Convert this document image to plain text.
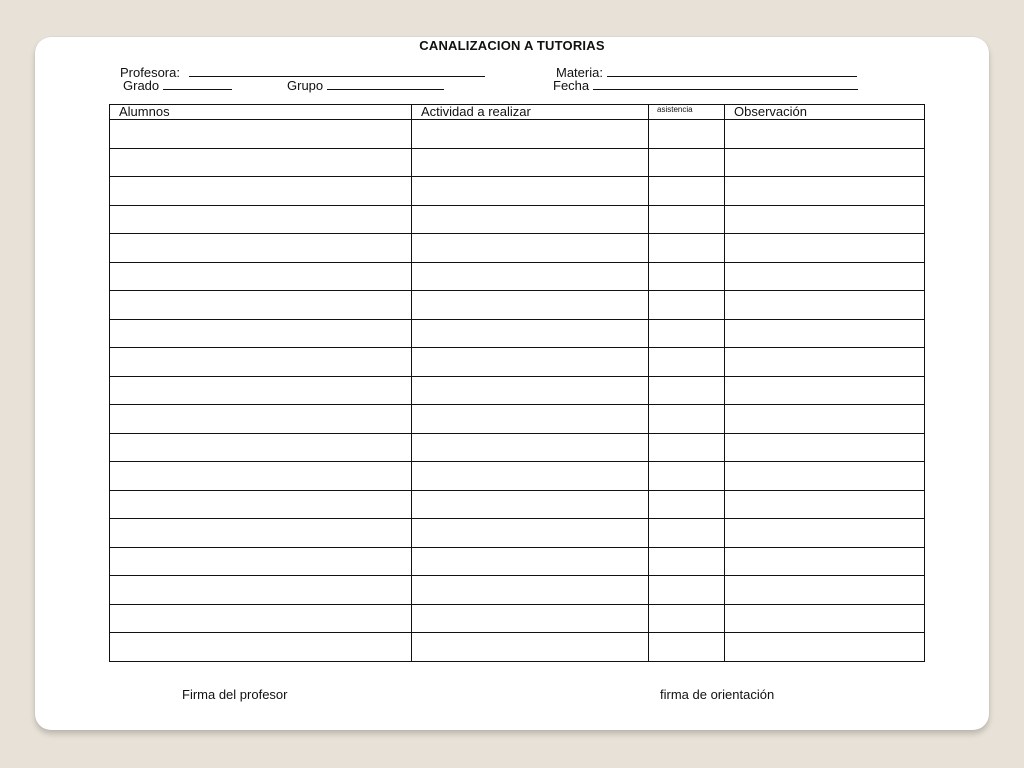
CANALIZACION A TUTORIAS
Profesora:	Materia:
Grado	Grupo	Fecha
Alumnos	Actividad a realizar	asistencia	Observación

Firma del profesor	firma de orientación
